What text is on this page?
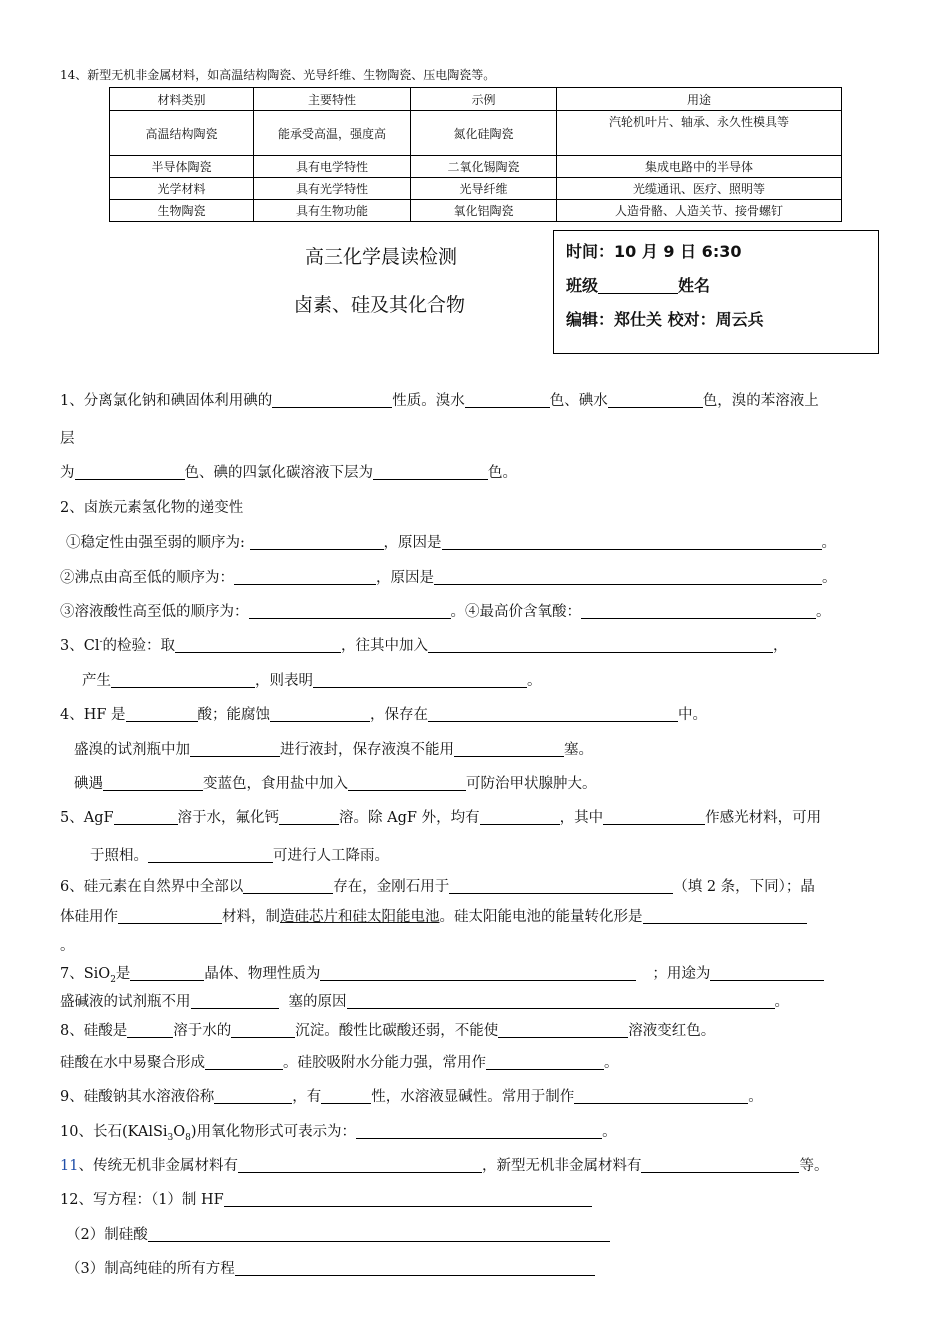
14、新型无机非金属材料，如高温结构陶瓷、光导纤维、生物陶瓷、压电陶瓷等。
材料类别	主要特性	示例	用途
高温结构陶瓷	能承受高温，强度高	氮化硅陶瓷	汽轮机叶片、轴承、永久性模具等
半导体陶瓷	具有电学特性	二氧化锡陶瓷	集成电路中的半导体
光学材料	具有光学特性	光导纤维	光缆通讯、医疗、照明等
生物陶瓷	具有生物功能	氧化铝陶瓷	人造骨骼、人造关节、接骨螺钉
高三化学晨读检测
卤素、硅及其化合物
时间：10 月 9 日 6:30
班级	姓名
编辑：郑仕关 校对：周云兵
1、分离氯化钠和碘固体利用碘的	性质。溴水	色、碘水	色，溴的苯溶液上
层
为	色、碘的四氯化碳溶液下层为	色。
2、卤族元素氢化物的递变性
①稳定性由强至弱的顺序为:	，原因是	。
②沸点由高至低的顺序为：	，原因是	。
③溶液酸性高至低的顺序为：	。④最高价含氧酸：	。
3、Cl-的检验：取	，往其中加入	，
产生	，则表明	。
4、HF 是	酸；能腐蚀	，保存在	中。
盛溴的试剂瓶中加	进行液封，保存液溴不能用	塞。
碘遇	变蓝色，食用盐中加入	可防治甲状腺肿大。
5、AgF	溶于水，氟化钙	溶。除 AgF 外，均有	，其中	作感光材料，可用
于照相。	可进行人工降雨。
6、硅元素在自然界中全部以	存在，金刚石用于	（填 2 条，下同）；晶
体硅用作	材料，制造硅芯片和硅太阳能电池。硅太阳能电池的能量转化形是
。
7、SiO$_2$是	晶体、物理性质为	；用途为
盛碱液的试剂瓶不用	塞的原因	。
8、硅酸是	溶于水的	沉淀。酸性比碳酸还弱，不能使	溶液变红色。
硅酸在水中易聚合形成	。硅胶吸附水分能力强，常用作	。
9、硅酸钠其水溶液俗称	，有	性，水溶液显碱性。常用于制作	。
10、长石$(KAlSi_3O_8)$用氧化物形式可表示为：	。
11、传统无机非金属材料有	，新型无机非金属材料有	等。
12、写方程：（1）制 HF
（2）制硅酸
（3）制高纯硅的所有方程
